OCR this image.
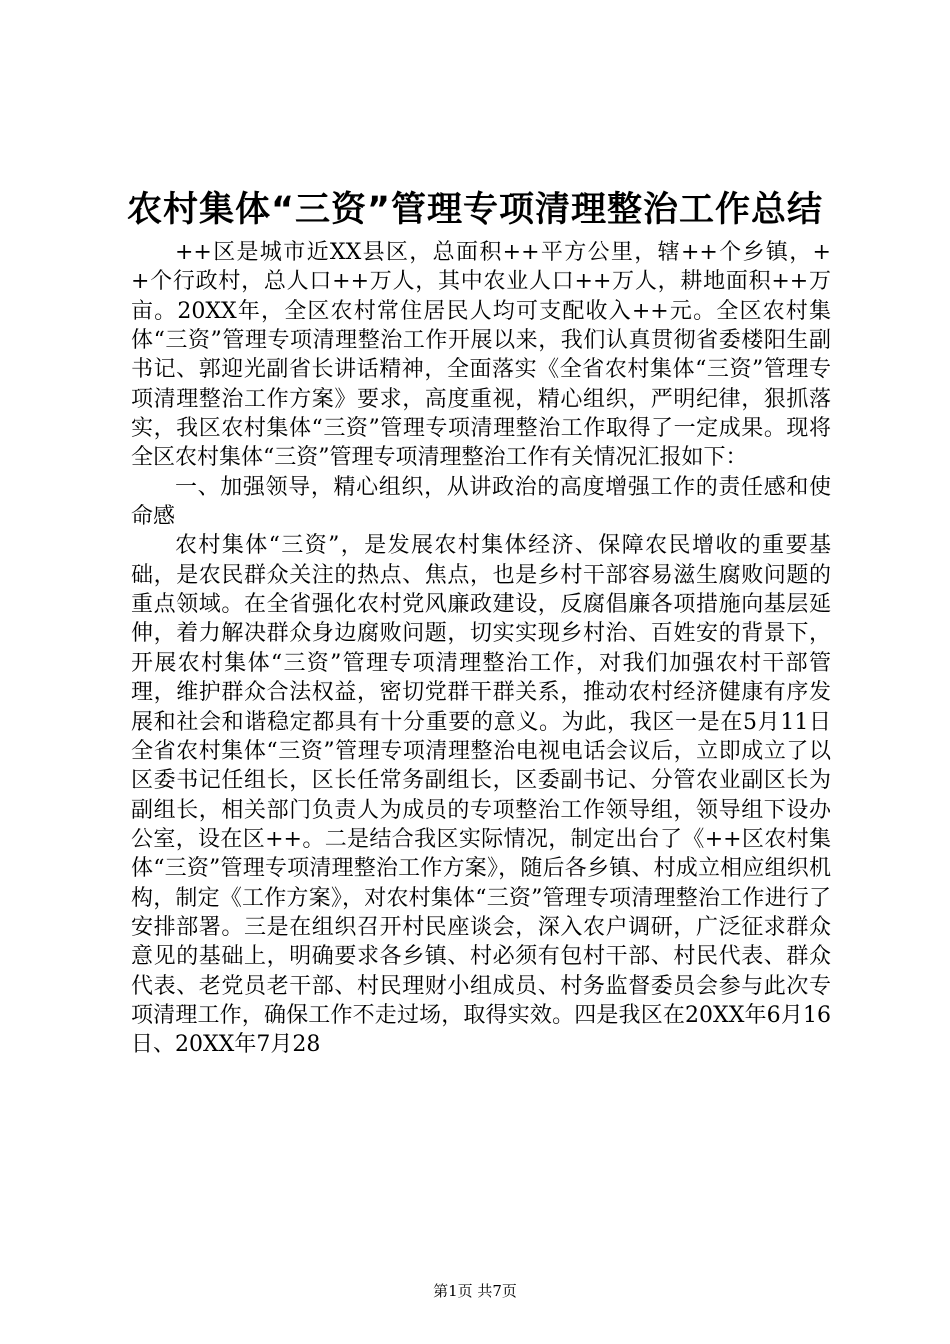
农村集体“三资”管理专项清理整治工作总结

++区是城市近XX县区，总面积++平方公里，辖++个乡镇，++个行政村，总人口++万人，其中农业人口++万人，耕地面积++万亩。20XX年，全区农村常住居民人均可支配收入++元。全区农村集体“三资”管理专项清理整治工作开展以来，我们认真贯彻省委楼阳生副书记、郭迎光副省长讲话精神，全面落实《全省农村集体“三资”管理专项清理整治工作方案》要求，高度重视，精心组织，严明纪律，狠抓落实，我区农村集体“三资”管理专项清理整治工作取得了一定成果。现将全区农村集体“三资”管理专项清理整治工作有关情况汇报如下：

一、加强领导，精心组织，从讲政治的高度增强工作的责任感和使命感

农村集体“三资”，是发展农村集体经济、保障农民增收的重要基础，是农民群众关注的热点、焦点，也是乡村干部容易滋生腐败问题的重点领域。在全省强化农村党风廉政建设，反腐倡廉各项措施向基层延伸，着力解决群众身边腐败问题，切实实现乡村治、百姓安的背景下，开展农村集体“三资”管理专项清理整治工作，对我们加强农村干部管理，维护群众合法权益，密切党群干群关系，推动农村经济健康有序发展和社会和谐稳定都具有十分重要的意义。为此，我区一是在5月11日全省农村集体“三资”管理专项清理整治电视电话会议后，立即成立了以区委书记任组长，区长任常务副组长，区委副书记、分管农业副区长为副组长，相关部门负责人为成员的专项整治工作领导组，领导组下设办公室，设在区++。二是结合我区实际情况，制定出台了《++区农村集体“三资”管理专项清理整治工作方案》，随后各乡镇、村成立相应组织机构，制定《工作方案》，对农村集体“三资”管理专项清理整治工作进行了安排部署。三是在组织召开村民座谈会，深入农户调研，广泛征求群众意见的基础上，明确要求各乡镇、村必须有包村干部、村民代表、群众代表、老党员老干部、村民理财小组成员、村务监督委员会参与此次专项清理工作，确保工作不走过场，取得实效。四是我区在20XX年6月16日、20XX年7月28

第1页 共7页
